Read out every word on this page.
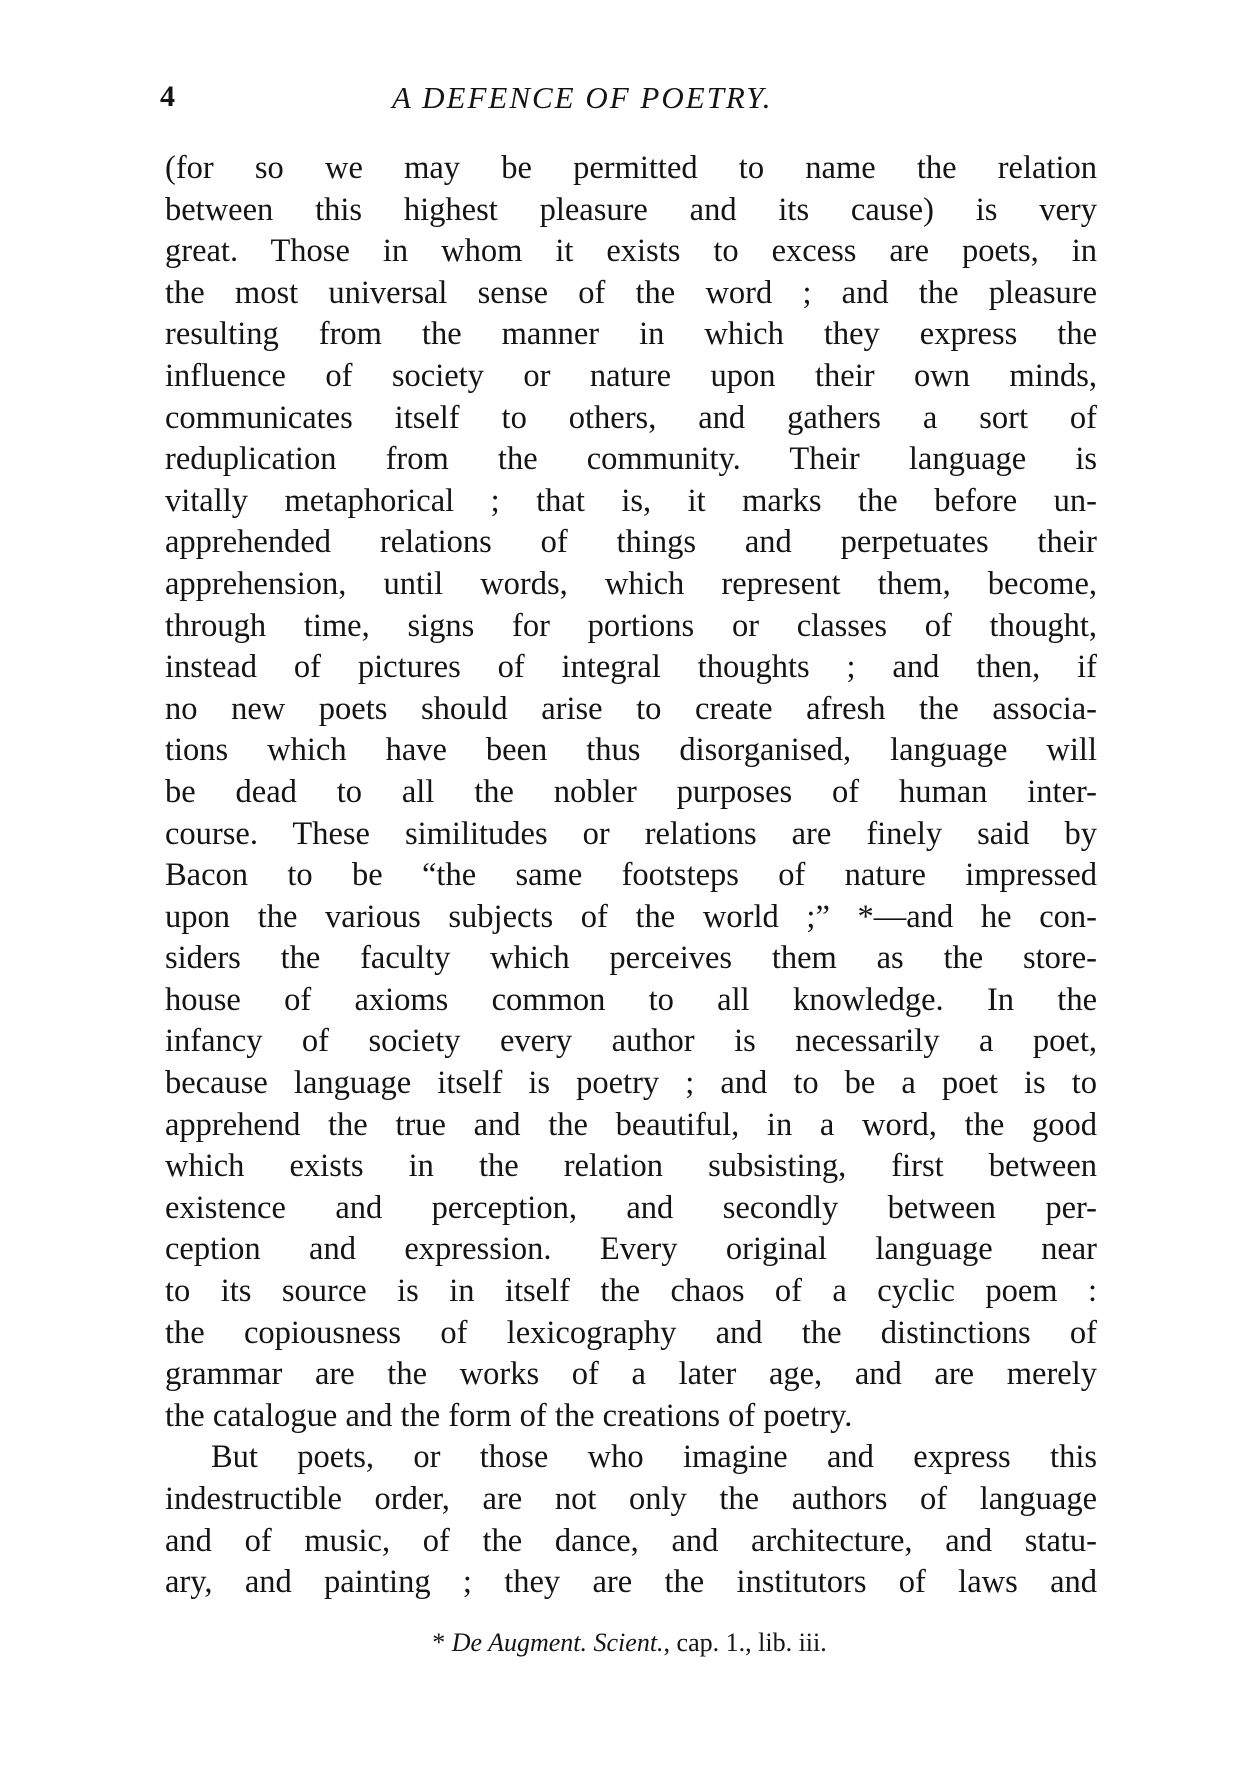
4	A DEFENCE OF POETRY.
(for so we may be permitted to name the relation
between this highest pleasure and its cause) is very
great. Those in whom it exists to excess are poets, in
the most universal sense of the word ; and the pleasure
resulting from the manner in which they express the
influence of society or nature upon their own minds,
communicates itself to others, and gathers a sort of
reduplication from the community. Their language is
vitally metaphorical ; that is, it marks the before un-
apprehended relations of things and perpetuates their
apprehension, until words, which represent them, become,
through time, signs for portions or classes of thought,
instead of pictures of integral thoughts ; and then, if
no new poets should arise to create afresh the associa-
tions which have been thus disorganised, language will
be dead to all the nobler purposes of human inter-
course. These similitudes or relations are finely said by
Bacon to be “the same footsteps of nature impressed
upon the various subjects of the world ;” *—and he con-
siders the faculty which perceives them as the store-
house of axioms common to all knowledge. In the
infancy of society every author is necessarily a poet,
because language itself is poetry ; and to be a poet is to
apprehend the true and the beautiful, in a word, the good
which exists in the relation subsisting, first between
existence and perception, and secondly between per-
ception and expression. Every original language near
to its source is in itself the chaos of a cyclic poem :
the copiousness of lexicography and the distinctions of
grammar are the works of a later age, and are merely
the catalogue and the form of the creations of poetry.
But poets, or those who imagine and express this
indestructible order, are not only the authors of language
and of music, of the dance, and architecture, and statu-
ary, and painting ; they are the institutors of laws and
* De Augment. Scient., cap. 1., lib. iii.
